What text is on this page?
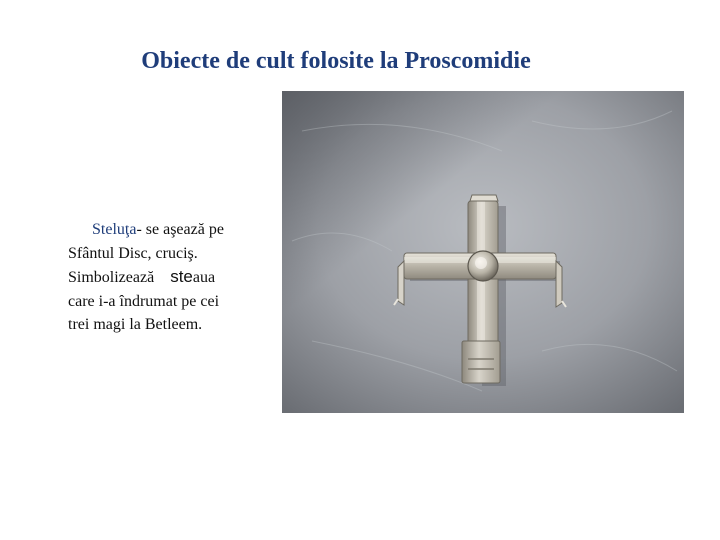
Obiecte de cult folosite la Proscomidie

Steluţa- se aşează pe
Sfântul Disc, cruciş.
Simbolizează steaua
care i-a îndrumat pe cei
trei magi la Betleem.
